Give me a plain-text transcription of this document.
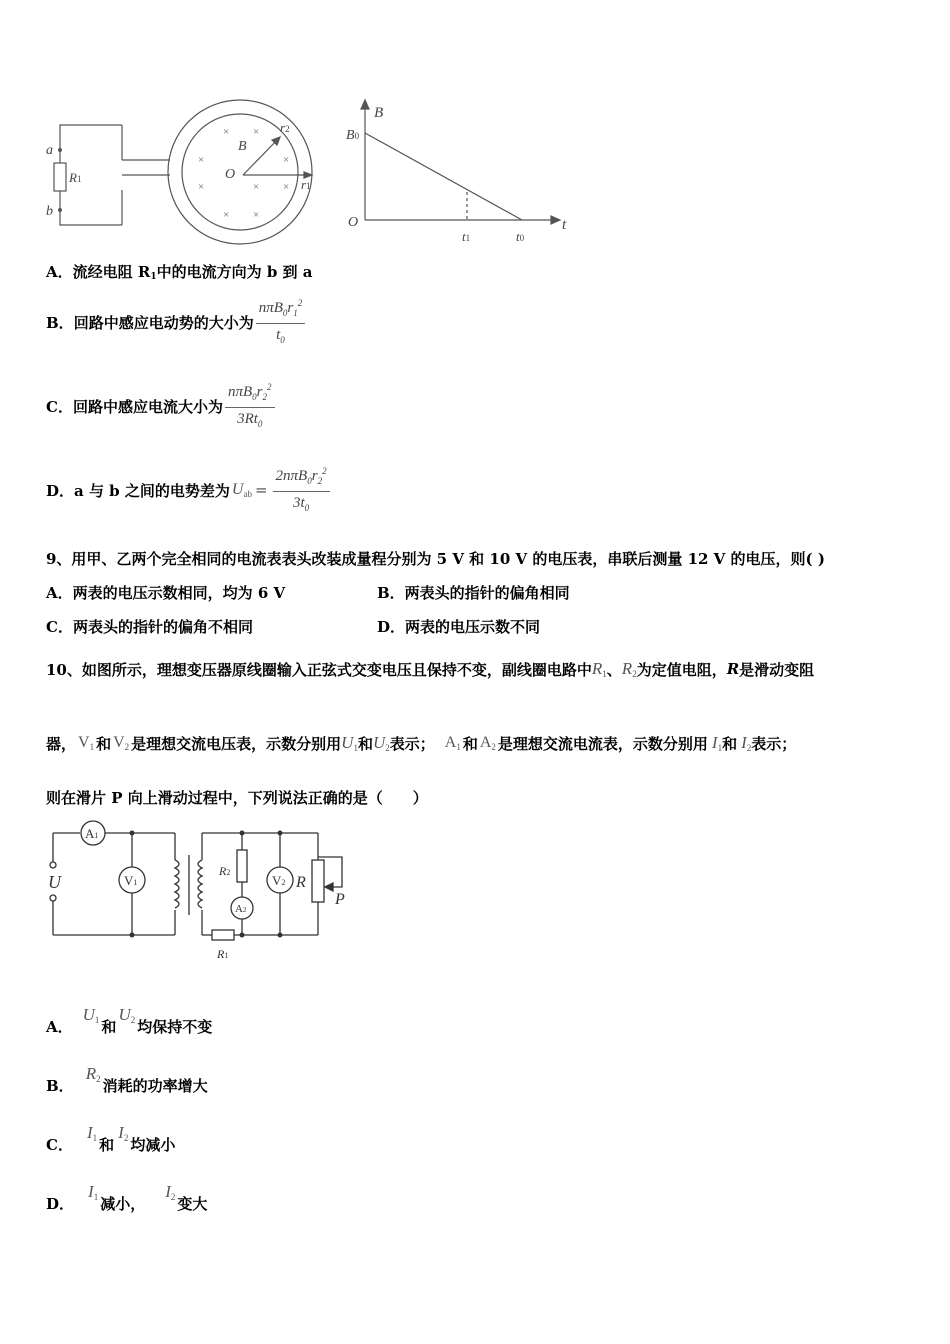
a
b
R1
B
O
r2
r1
× ×
×	×
×	× ×
× ×
B
t
B0
O
t1	t0
A．流经电阻 R1中的电流方向为 b 到 a
B． 回路中感应电动势的大小为 $\frac{n\pi B_0r_1^2}{t_0}$
C． 回路中感应电流大小为 $\frac{n\pi B_0r_2^2}{3Rt_0}$
D． a 与 b 之间的电势差为 $U_{ab} = \frac{2n\pi B_0r_2^2}{3t_0}$
9、用甲、乙两个完全相同的电流表表头改装成量程分别为 5 V 和 10 V 的电压表，串联后测量 12 V 的电压，则( )
A．两表的电压示数相同，均为 6 V	B．两表头的指针的偏角相同
C．两表头的指针的偏角不相同	D．两表的电压示数不同
10、如图所示，理想变压器原线圈输入正弦式交变电压且保持不变，副线圈电路中 $R_1$ 、 $R_2$ 为定值电阻， R 是滑动变阻
器， $V_1$ 和 $V_2$ 是理想交流电压表，示数分别用 $U_1$ 和 $U_2$ 表示； $A_1$ 和 $A_2$ 是理想交流电流表，示数分别用 $I_1$ 和 $I_2$ 表示；
则在滑片 P 向上滑动过程中，下列说法正确的是（　　）
A1
V1
U
R2
A2
V2 R
P
R1
A．
$U_1$ 和
$U_2$ 均保持不变
B．
$R_2$ 消耗的功率增大
C．
$I_1$ 和
$I_2$ 均减小
D．
$I_1$ 减小，
$I_2$ 变大
